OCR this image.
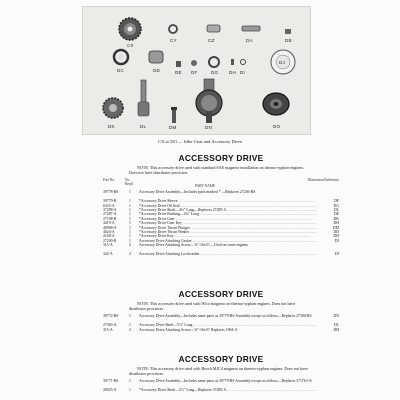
CX
CY	CZ	DA	DB
DC	DD	DE DF	DG DH DI
DJ
DK	DL	DM	DN	DO
CX to DO — Idler Gear and Accessory Drive
ACCESSORY DRIVE
NOTE: This accessory drive used with standard SAE magneto installation on thermo-syphon engines. Does not have distributor provision.
Part No.	No. Req'd	PART NAME
Illustration Reference
39778-RS	1	Accessory Drive Assembly—Includes parts marked * —Replaces 27236-RS
39779-R	1	*Accessory Drive Sleeve .....	DF
6325-A	1	*Accessory Drive Oil Seal .....	DG
37298-A	1	*Accessory Drive Shaft—4¾" Long—Replaces 27285-A .....	DL
27287-A	1	*Accessory Drive Bushing—2¾" Long .....	DE
27198-R	1	*Accessory Drive Gear .....	DK
4419-A	1	*Accessory Drive Gear Key .....	DH
40908-A	1	*Accessory Drive Thrust Plunger .....	DM
4024-A	1	*Accessory Drive Thrust Washer .....	DD
2168-A	1	*Accessory Drive Key .....	DH
27200-R	1	Accessory Drive Attaching Gasket .....	DJ
315-A	2	Accessory Drive Attaching Screw—⅜"-16x⅞"—Used on some engines
342-A	2	Accessory Drive Attaching Lockwasher .....	DI
ACCESSORY DRIVE
NOTE: This accessory drive used with Wico magneto on thermo-syphon engines. Does not have distributor provision.
39772-RS	1	Accessory Drive Assembly—Includes same parts as 39779-RS Assembly except as follows—Replaces 27380-RS	DN
27365-A	1	Accessory Drive Shaft—5⅛" Long .....	DL
315-A	2	Accessory Drive Attaching Screw—⅜"-16x⅞" Replaces 1964-A	DH
ACCESSORY DRIVE
NOTE: This accessory drive used with Bosch MJC4 magneto on thermo-syphon engines. Does not have distributor provision.
39771-RS	1	Accessory Drive Assembly—Includes same parts as 39779-RS Assembly except as follows—Replaces 37176-CS
28025-A	1	*Accessory Drive Shaft—5½" Long—Replaces 37285-A .....
